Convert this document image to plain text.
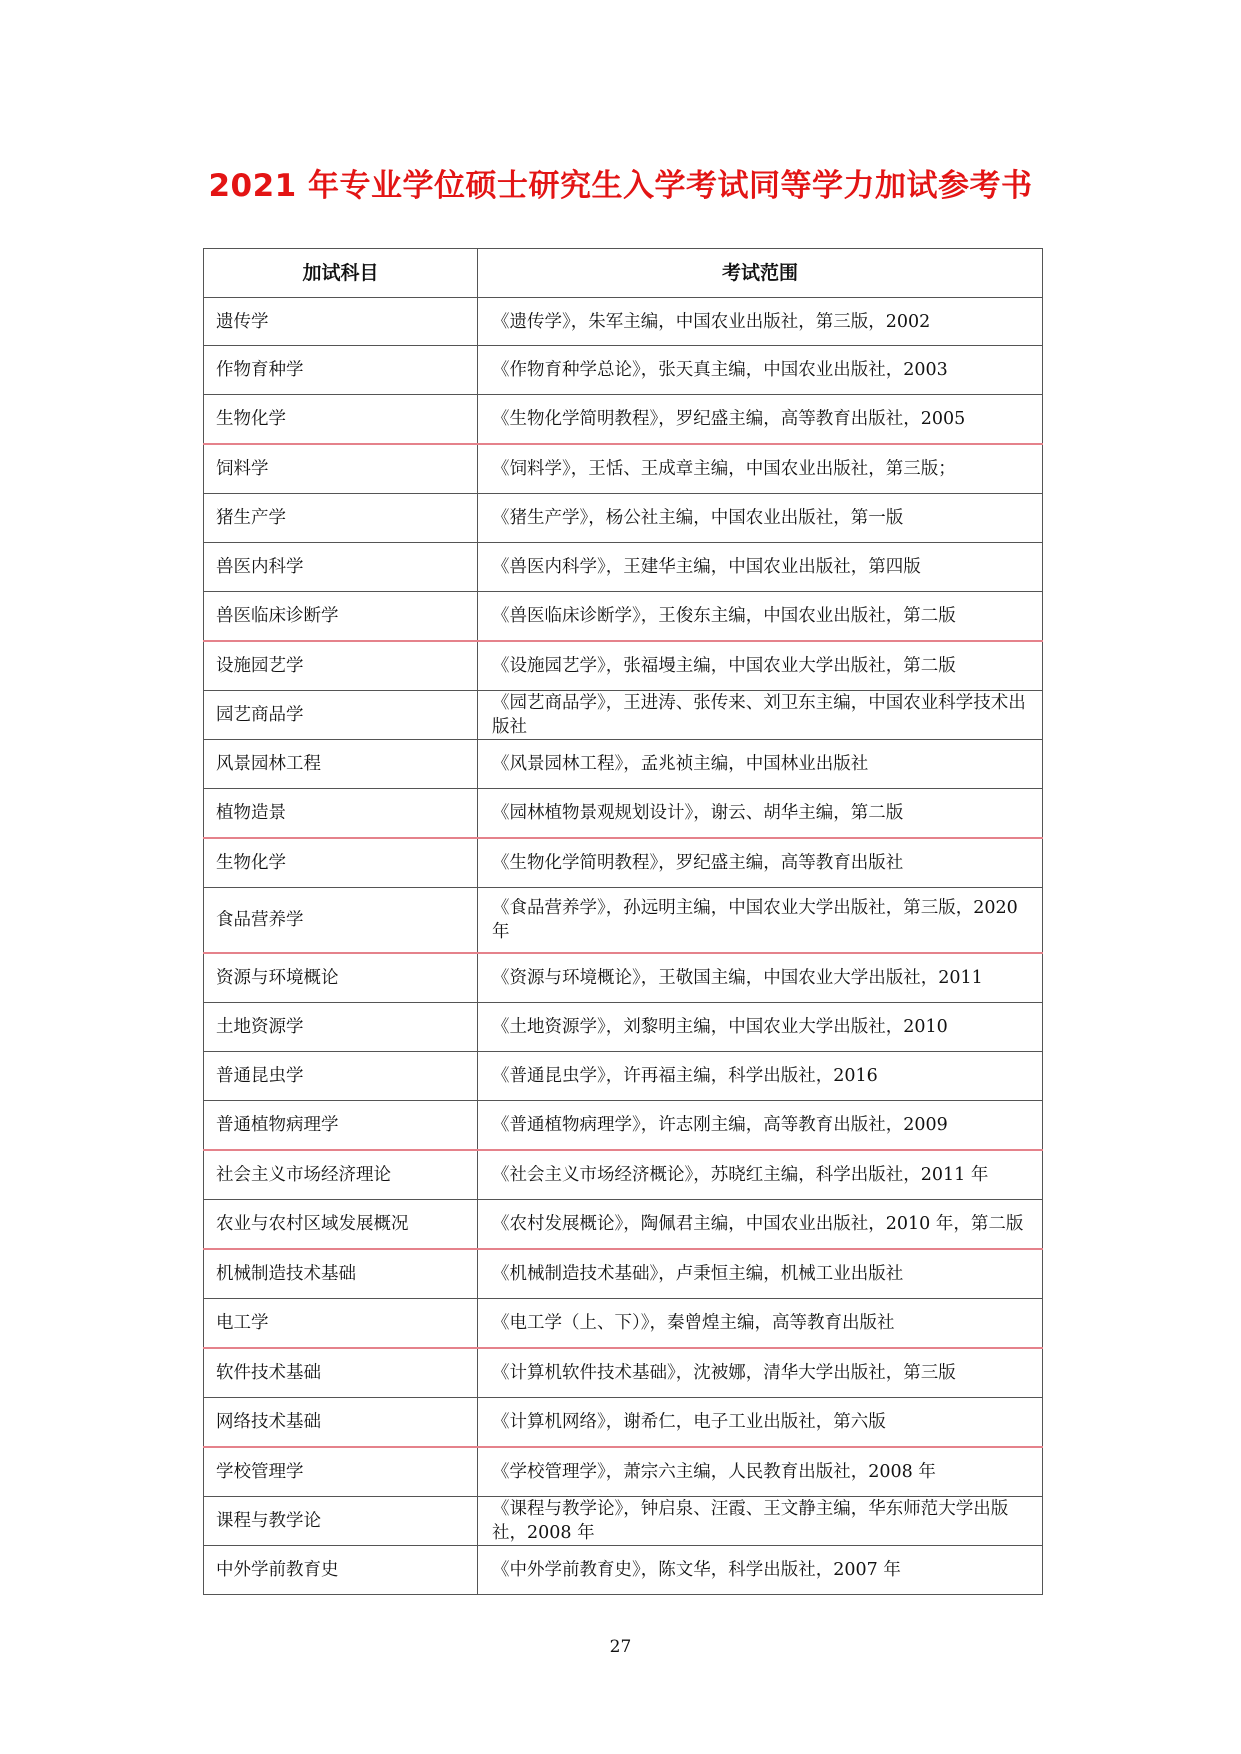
2021 年专业学位硕士研究生入学考试同等学力加试参考书
加试科目	考试范围
遗传学	《遗传学》，朱军主编，中国农业出版社，第三版，2002
作物育种学	《作物育种学总论》，张天真主编，中国农业出版社，2003
生物化学	《生物化学简明教程》，罗纪盛主编，高等教育出版社，2005
饲料学	《饲料学》，王恬、王成章主编，中国农业出版社，第三版；
猪生产学	《猪生产学》，杨公社主编，中国农业出版社，第一版
兽医内科学	《兽医内科学》，王建华主编，中国农业出版社，第四版
兽医临床诊断学	《兽医临床诊断学》，王俊东主编，中国农业出版社，第二版
设施园艺学	《设施园艺学》，张福墁主编，中国农业大学出版社，第二版
园艺商品学	《园艺商品学》，王进涛、张传来、刘卫东主编，中国农业科学技术出版社
风景园林工程	《风景园林工程》，孟兆祯主编，中国林业出版社
植物造景	《园林植物景观规划设计》，谢云、胡华主编，第二版
生物化学	《生物化学简明教程》，罗纪盛主编，高等教育出版社
食品营养学	《食品营养学》，孙远明主编，中国农业大学出版社，第三版，2020年
资源与环境概论	《资源与环境概论》，王敬国主编，中国农业大学出版社，2011
土地资源学	《土地资源学》，刘黎明主编，中国农业大学出版社，2010
普通昆虫学	《普通昆虫学》，许再福主编，科学出版社，2016
普通植物病理学	《普通植物病理学》，许志刚主编，高等教育出版社，2009
社会主义市场经济理论	《社会主义市场经济概论》，苏晓红主编，科学出版社，2011 年
农业与农村区域发展概况	《农村发展概论》，陶佩君主编，中国农业出版社，2010 年，第二版
机械制造技术基础	《机械制造技术基础》，卢秉恒主编，机械工业出版社
电工学	《电工学（上、下）》，秦曾煌主编，高等教育出版社
软件技术基础	《计算机软件技术基础》，沈被娜，清华大学出版社，第三版
网络技术基础	《计算机网络》，谢希仁，电子工业出版社，第六版
学校管理学	《学校管理学》，萧宗六主编，人民教育出版社，2008 年
课程与教学论	《课程与教学论》，钟启泉、汪霞、王文静主编，华东师范大学出版社，2008 年
中外学前教育史	《中外学前教育史》，陈文华，科学出版社，2007 年
27
